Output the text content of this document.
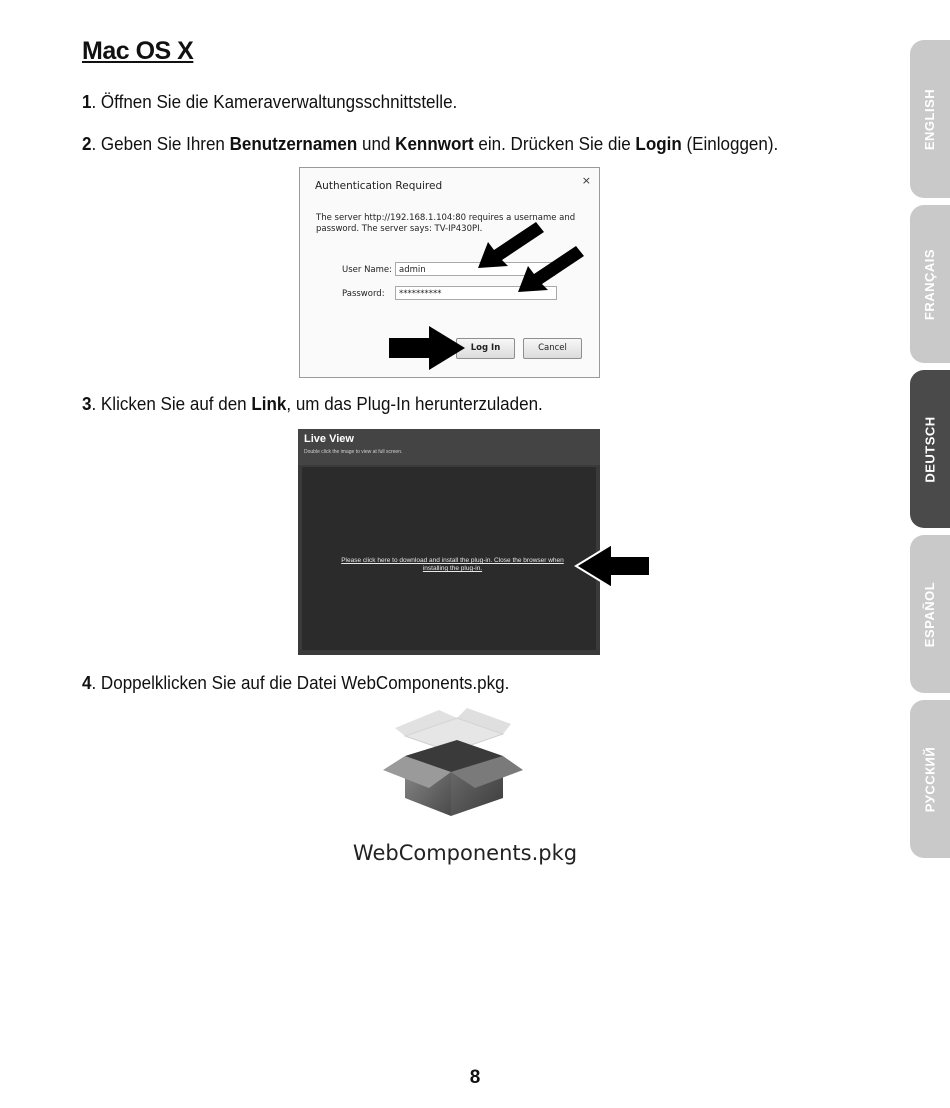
Mac OS X

1. Öffnen Sie die Kameraverwaltungsschnittstelle.

2. Geben Sie Ihren Benutzernamen und Kennwort ein. Drücken Sie die Login (Einloggen).

Authentication Required	×
The server http://192.168.1.104:80 requires a username and password. The server says: TV-IP430PI.
User Name: admin
Password:	**********
Log In	Cancel

3. Klicken Sie auf den Link, um das Plug-In herunterzuladen.

Live View
Double click the image to view at full screen.
Please click here to download and install the plug-in. Close the browser when installing the plug-in.

4. Doppelklicken Sie auf die Datei WebComponents.pkg.

WebComponents.pkg
ENGLISH
FRANÇAIS
DEUTSCH
ESPAÑOL
РУССКИЙ
8
